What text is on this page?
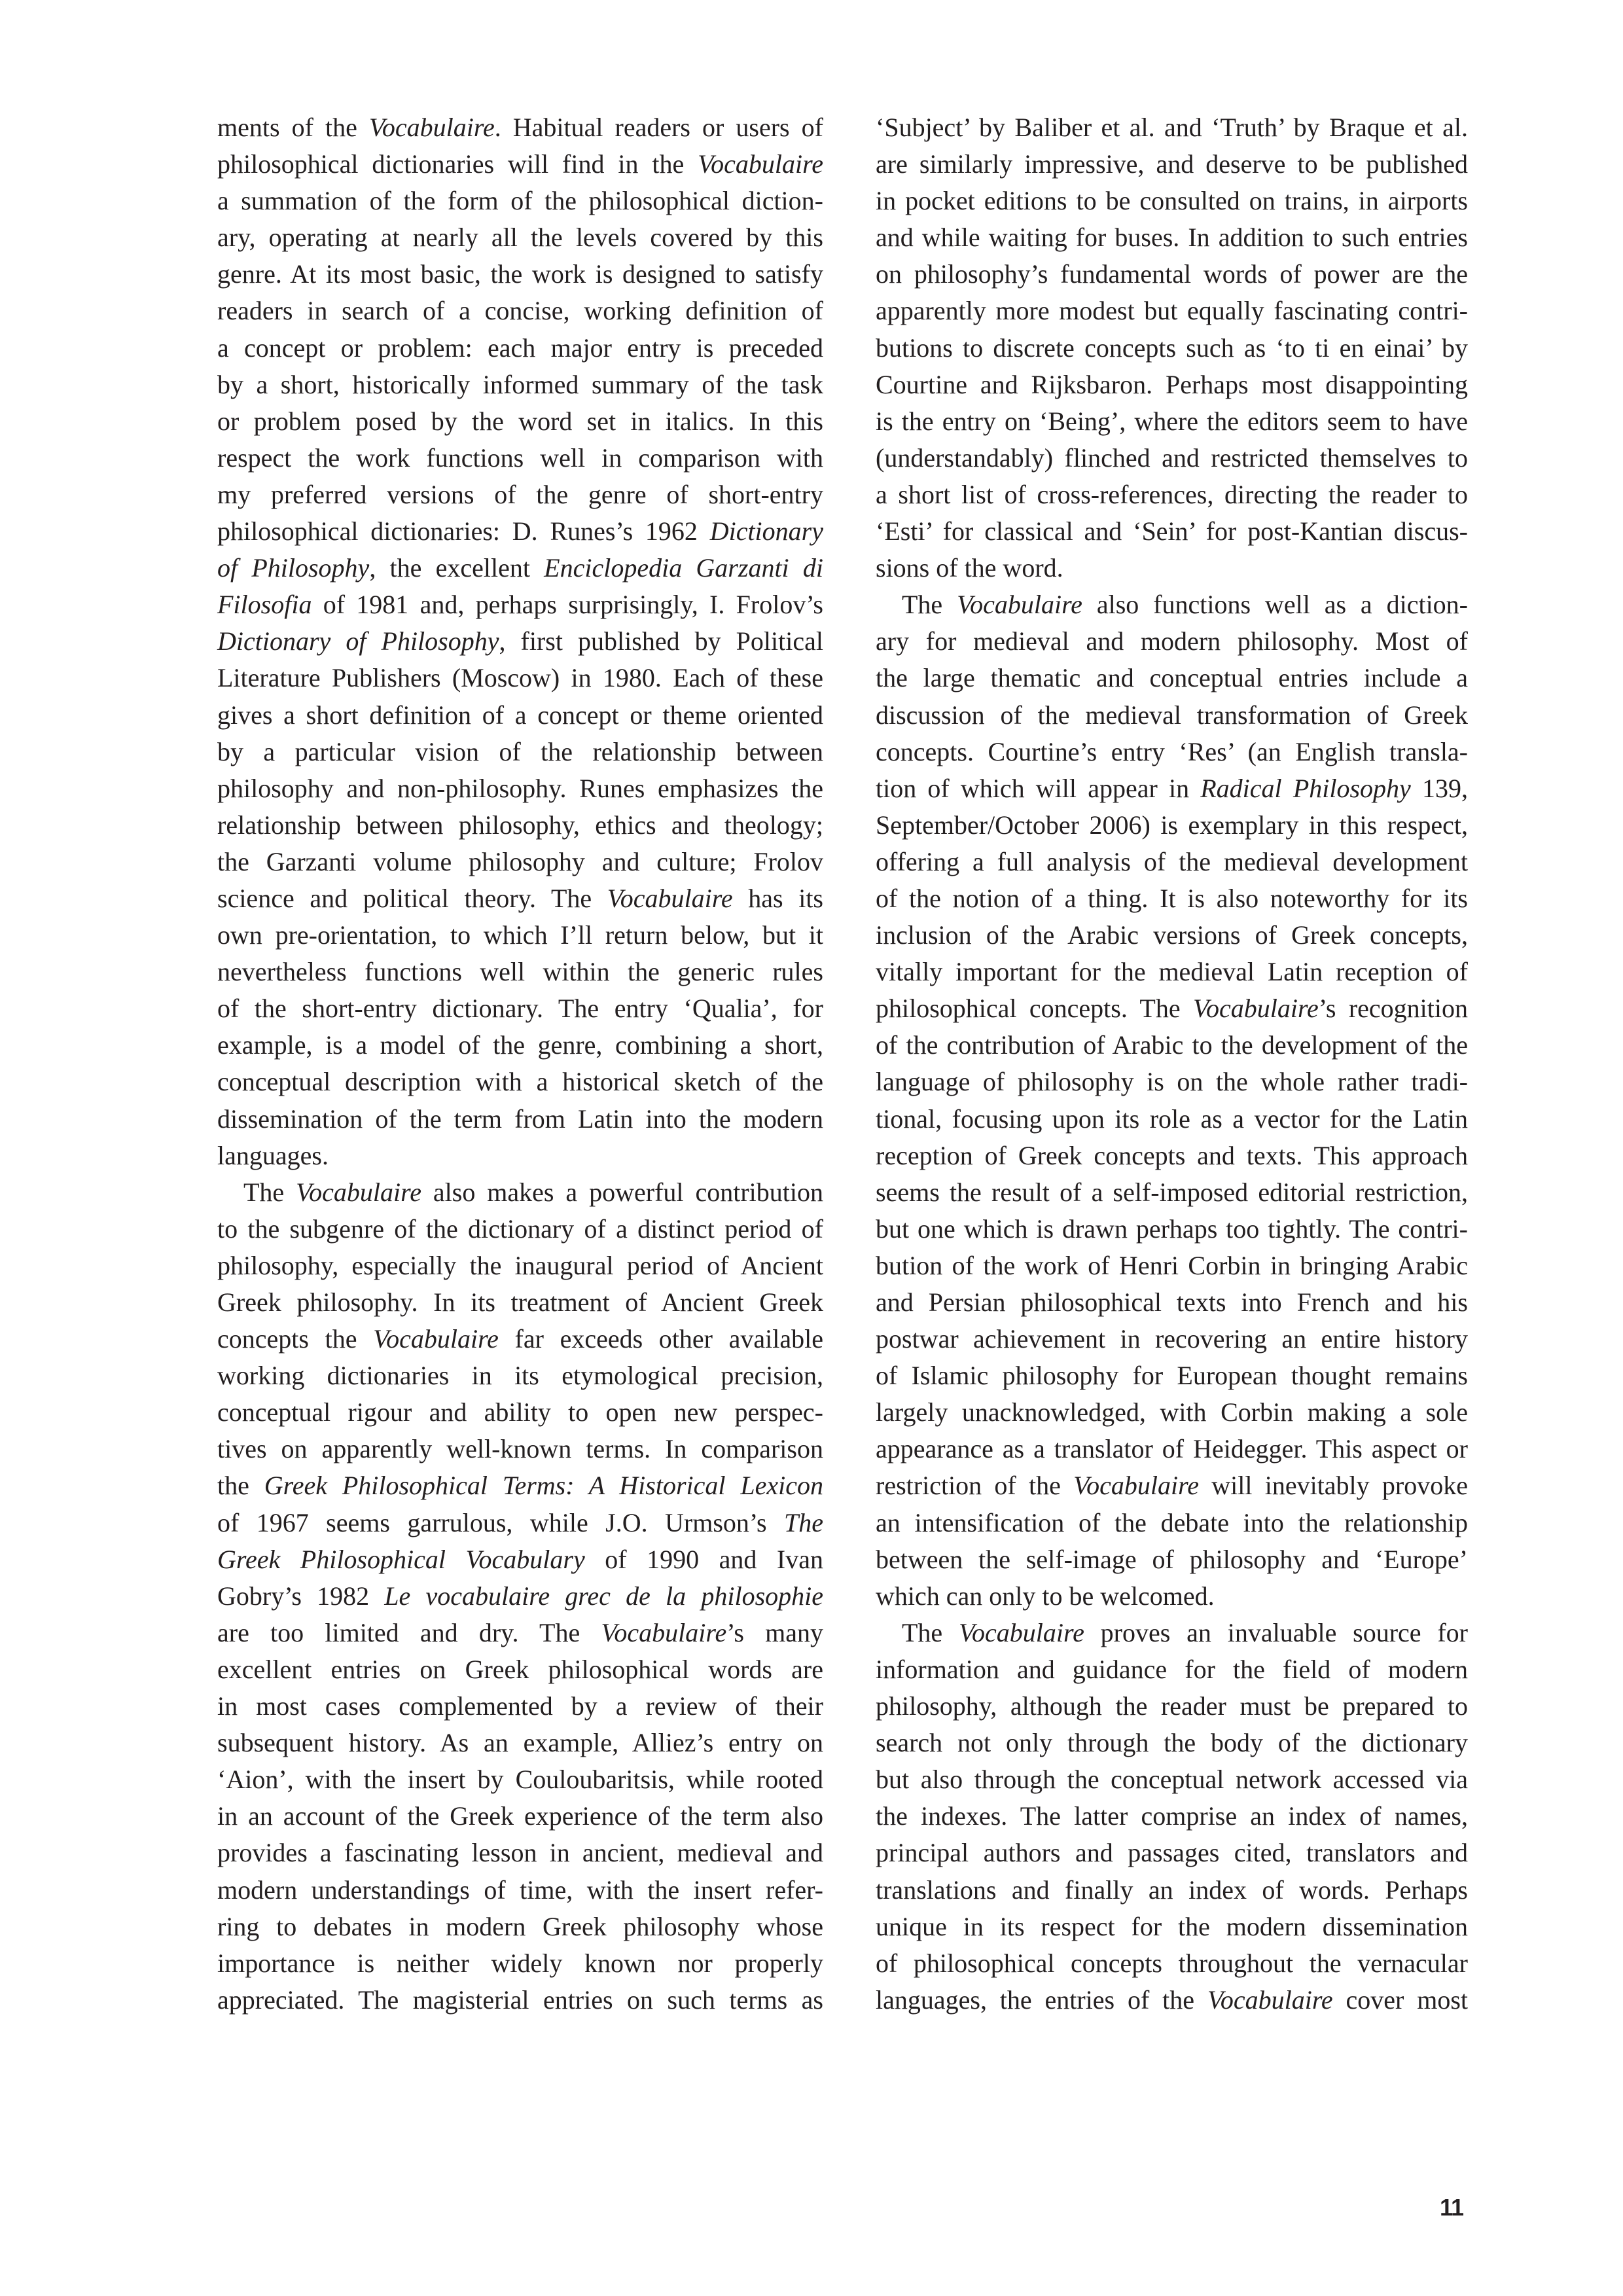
ments of the Vocabulaire. Habitual readers or users of
philosophical dictionaries will find in the Vocabulaire
a summation of the form of the philosophical diction-
ary, operating at nearly all the levels covered by this
genre. At its most basic, the work is designed to satisfy
readers in search of a concise, working definition of
a concept or problem: each major entry is preceded
by a short, historically informed summary of the task
or problem posed by the word set in italics. In this
respect the work functions well in comparison with
my preferred versions of the genre of short-entry
philosophical dictionaries: D. Runes’s 1962 Dictionary
of Philosophy, the excellent Enciclopedia Garzanti di
Filosofia of 1981 and, perhaps surprisingly, I. Frolov’s
Dictionary of Philosophy, first published by Political
Literature Publishers (Moscow) in 1980. Each of these
gives a short definition of a concept or theme oriented
by a particular vision of the relationship between
philosophy and non-philosophy. Runes emphasizes the
relationship between philosophy, ethics and theology;
the Garzanti volume philosophy and culture; Frolov
science and political theory. The Vocabulaire has its
own pre-orientation, to which I’ll return below, but it
nevertheless functions well within the generic rules
of the short-entry dictionary. The entry ‘Qualia’, for
example, is a model of the genre, combining a short,
conceptual description with a historical sketch of the
dissemination of the term from Latin into the modern
languages.
The Vocabulaire also makes a powerful contribution
to the subgenre of the dictionary of a distinct period of
philosophy, especially the inaugural period of Ancient
Greek philosophy. In its treatment of Ancient Greek
concepts the Vocabulaire far exceeds other available
working dictionaries in its etymological precision,
conceptual rigour and ability to open new perspec-
tives on apparently well-known terms. In comparison
the Greek Philosophical Terms: A Historical Lexicon
of 1967 seems garrulous, while J.O. Urmson’s The
Greek Philosophical Vocabulary of 1990 and Ivan
Gobry’s 1982 Le vocabulaire grec de la philosophie
are too limited and dry. The Vocabulaire’s many
excellent entries on Greek philosophical words are
in most cases complemented by a review of their
subsequent history. As an example, Alliez’s entry on
‘Aion’, with the insert by Couloubaritsis, while rooted
in an account of the Greek experience of the term also
provides a fascinating lesson in ancient, medieval and
modern understandings of time, with the insert refer-
ring to debates in modern Greek philosophy whose
importance is neither widely known nor properly
appreciated. The magisterial entries on such terms as
‘Subject’ by Baliber et al. and ‘Truth’ by Braque et al.
are similarly impressive, and deserve to be published
in pocket editions to be consulted on trains, in airports
and while waiting for buses. In addition to such entries
on philosophy’s fundamental words of power are the
apparently more modest but equally fascinating contri-
butions to discrete concepts such as ‘to ti en einai’ by
Courtine and Rijksbaron. Perhaps most disappointing
is the entry on ‘Being’, where the editors seem to have
(understandably) flinched and restricted themselves to
a short list of cross-references, directing the reader to
‘Esti’ for classical and ‘Sein’ for post-Kantian discus-
sions of the word.
The Vocabulaire also functions well as a diction-
ary for medieval and modern philosophy. Most of
the large thematic and conceptual entries include a
discussion of the medieval transformation of Greek
concepts. Courtine’s entry ‘Res’ (an English transla-
tion of which will appear in Radical Philosophy 139,
September/October 2006) is exemplary in this respect,
offering a full analysis of the medieval development
of the notion of a thing. It is also noteworthy for its
inclusion of the Arabic versions of Greek concepts,
vitally important for the medieval Latin reception of
philosophical concepts. The Vocabulaire’s recognition
of the contribution of Arabic to the development of the
language of philosophy is on the whole rather tradi-
tional, focusing upon its role as a vector for the Latin
reception of Greek concepts and texts. This approach
seems the result of a self-imposed editorial restriction,
but one which is drawn perhaps too tightly. The contri-
bution of the work of Henri Corbin in bringing Arabic
and Persian philosophical texts into French and his
postwar achievement in recovering an entire history
of Islamic philosophy for European thought remains
largely unacknowledged, with Corbin making a sole
appearance as a translator of Heidegger. This aspect or
restriction of the Vocabulaire will inevitably provoke
an intensification of the debate into the relationship
between the self-image of philosophy and ‘Europe’
which can only to be welcomed.
The Vocabulaire proves an invaluable source for
information and guidance for the field of modern
philosophy, although the reader must be prepared to
search not only through the body of the dictionary
but also through the conceptual network accessed via
the indexes. The latter comprise an index of names,
principal authors and passages cited, translators and
translations and finally an index of words. Perhaps
unique in its respect for the modern dissemination
of philosophical concepts throughout the vernacular
languages, the entries of the Vocabulaire cover most
11
